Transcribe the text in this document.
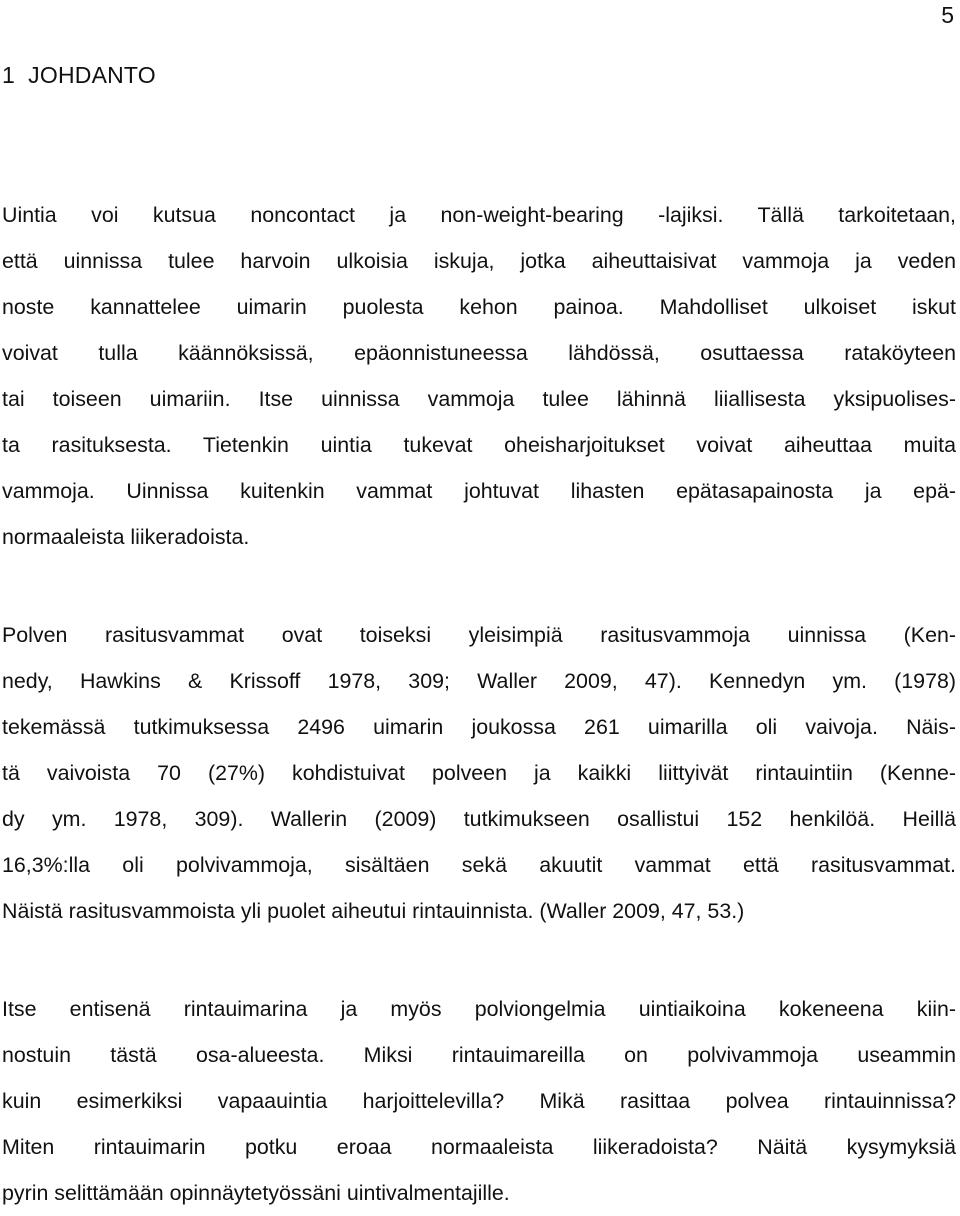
5
1  JOHDANTO

Uintia voi kutsua noncontact ja non-weight-bearing -lajiksi. Tällä tarkoitetaan,
että uinnissa tulee harvoin ulkoisia iskuja, jotka aiheuttaisivat vammoja ja veden
noste kannattelee uimarin puolesta kehon painoa. Mahdolliset ulkoiset iskut
voivat tulla käännöksissä, epäonnistuneessa lähdössä, osuttaessa ratakӧyteen
tai toiseen uimariin. Itse uinnissa vammoja tulee lähinnä liiallisesta yksipuolises-
ta rasituksesta. Tietenkin uintia tukevat oheisharjoitukset voivat aiheuttaa muita
vammoja. Uinnissa kuitenkin vammat johtuvat lihasten epätasapainosta ja epä-
normaaleista liikeradoista.

Polven rasitusvammat ovat toiseksi yleisimpiä rasitusvammoja uinnissa (Ken-
nedy, Hawkins & Krissoff 1978, 309; Waller 2009, 47). Kennedyn ym. (1978)
tekemässä tutkimuksessa 2496 uimarin joukossa 261 uimarilla oli vaivoja. Näis-
tä vaivoista 70 (27%) kohdistuivat polveen ja kaikki liittyivät rintauintiin (Kenne-
dy ym. 1978, 309). Wallerin (2009) tutkimukseen osallistui 152 henkilöä. Heillä
16,3%:lla oli polvivammoja, sisältäen sekä akuutit vammat että rasitusvammat.
Näistä rasitusvammoista yli puolet aiheutui rintauinnista. (Waller 2009, 47, 53.)

Itse entisenä rintauimarina ja myös polviongelmia uintiaikoina kokeneena kiin-
nostuin tästä osa-alueesta. Miksi rintauimareilla on polvivammoja useammin
kuin esimerkiksi vapaauintia harjoittelevilla? Mikä rasittaa polvea rintauinnissa?
Miten rintauimarin potku eroaa normaaleista liikeradoista? Näitä kysymyksiä
pyrin selittämään opinnäytetyössäni uintivalmentajille.
